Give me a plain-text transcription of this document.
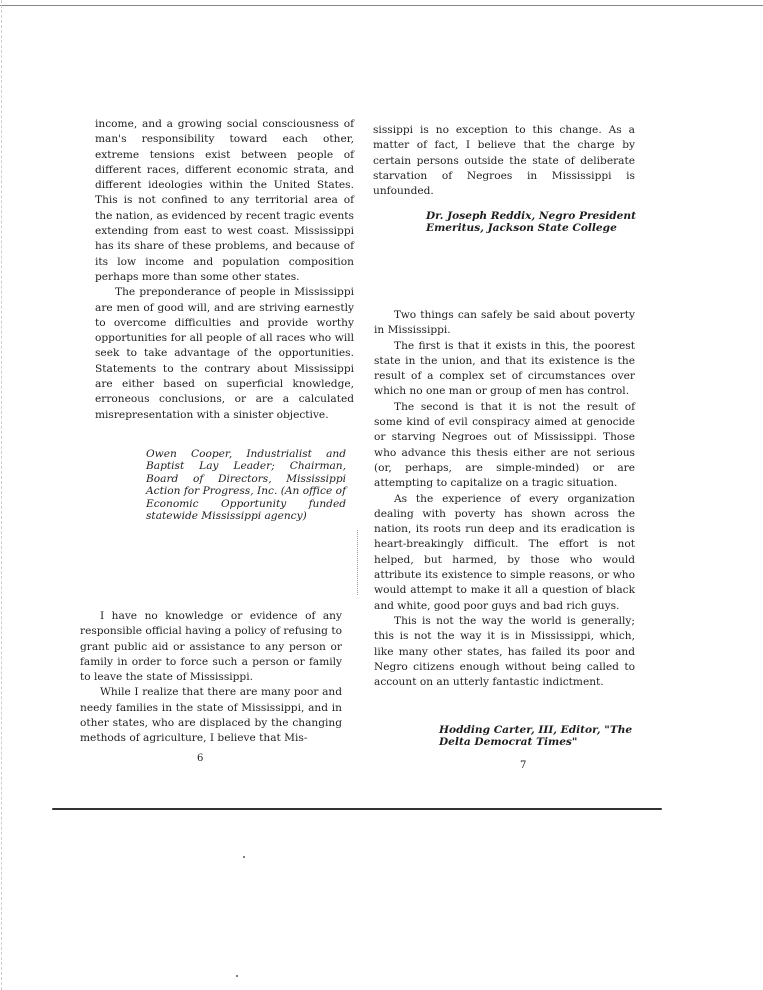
income, and a growing social consciousness of man's responsibility toward each other, extreme tensions exist between people of different races, different economic strata, and different ideologies within the United States. This is not confined to any territorial area of the nation, as evidenced by recent tragic events extending from east to west coast. Mississippi has its share of these problems, and because of its low income and population composition perhaps more than some other states.

The preponderance of people in Mississippi are men of good will, and are striving earnestly to overcome difficulties and provide worthy opportunities for all people of all races who will seek to take advantage of the opportunities. Statements to the contrary about Mississippi are either based on superficial knowledge, erroneous conclusions, or are a calculated misrepresentation with a sinister objective.

Owen Cooper, Industrialist and Baptist Lay Leader; Chairman, Board of Directors, Mississippi Action for Progress, Inc. (An office of Economic Opportunity funded statewide Mississippi agency)

I have no knowledge or evidence of any responsible official having a policy of refusing to grant public aid or assistance to any person or family in order to force such a person or family to leave the state of Mississippi.

While I realize that there are many poor and needy families in the state of Mississippi, and in other states, who are displaced by the changing methods of agriculture, I believe that Mis-

6

sissippi is no exception to this change. As a matter of fact, I believe that the charge by certain persons outside the state of deliberate starvation of Negroes in Mississippi is unfounded.

Dr. Joseph Reddix, Negro President Emeritus, Jackson State College

Two things can safely be said about poverty in Mississippi.

The first is that it exists in this, the poorest state in the union, and that its existence is the result of a complex set of circumstances over which no one man or group of men has control.

The second is that it is not the result of some kind of evil conspiracy aimed at genocide or starving Negroes out of Mississippi. Those who advance this thesis either are not serious (or, perhaps, are simple-minded) or are attempting to capitalize on a tragic situation.

As the experience of every organization dealing with poverty has shown across the nation, its roots run deep and its eradication is heart-breakingly difficult. The effort is not helped, but harmed, by those who would attribute its existence to simple reasons, or who would attempt to make it all a question of black and white, good poor guys and bad rich guys.

This is not the way the world is generally; this is not the way it is in Mississippi, which, like many other states, has failed its poor and Negro citizens enough without being called to account on an utterly fantastic indictment.

Hodding Carter, III, Editor, "The Delta Democrat Times"
7
